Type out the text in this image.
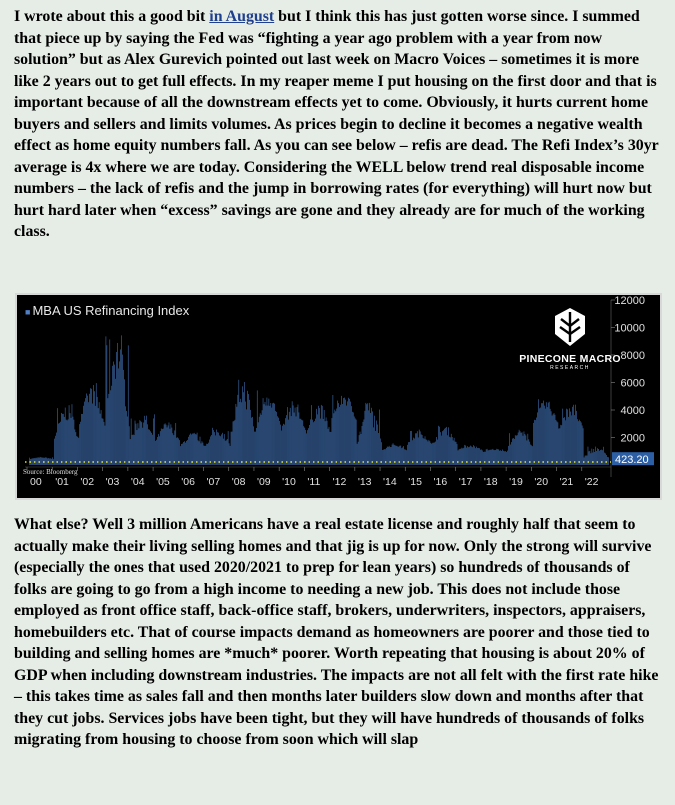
I wrote about this a good bit in August but I think this has just gotten worse since. I summed that piece up by saying the Fed was “fighting a year ago problem with a year from now solution” but as Alex Gurevich pointed out last week on Macro Voices – sometimes it is more like 2 years out to get full effects. In my reaper meme I put housing on the first door and that is important because of all the downstream effects yet to come. Obviously, it hurts current home buyers and sellers and limits volumes. As prices begin to decline it becomes a negative wealth effect as home equity numbers fall. As you can see below – refis are dead. The Refi Index’s 30yr average is 4x where we are today. Considering the WELL below trend real disposable income numbers – the lack of refis and the jump in borrowing rates (for everything) will hurt now but hurt hard later when “excess” savings are gone and they already are for much of the working class.

2000
4000
6000
8000
10000
12000
423.20
00 '01 '02 '03 '04 '05 '06 '07 '08 '09 '10 '11 '12 '13 '14 '15 '16 '17 '18 '19 '20 '21 '22
■ MBA US Refinancing Index
PINECONE MACRO
RESEARCH
Source: Bloomberg

What else? Well 3 million Americans have a real estate license and roughly half that seem to actually make their living selling homes and that jig is up for now. Only the strong will survive (especially the ones that used 2020/2021 to prep for lean years) so hundreds of thousands of folks are going to go from a high income to needing a new job. This does not include those employed as front office staff, back-office staff, brokers, underwriters, inspectors, appraisers, homebuilders etc. That of course impacts demand as homeowners are poorer and those tied to building and selling homes are *much* poorer. Worth repeating that housing is about 20% of GDP when including downstream industries. The impacts are not all felt with the first rate hike – this takes time as sales fall and then months later builders slow down and months after that they cut jobs. Services jobs have been tight, but they will have hundreds of thousands of folks migrating from housing to choose from soon which will slap
